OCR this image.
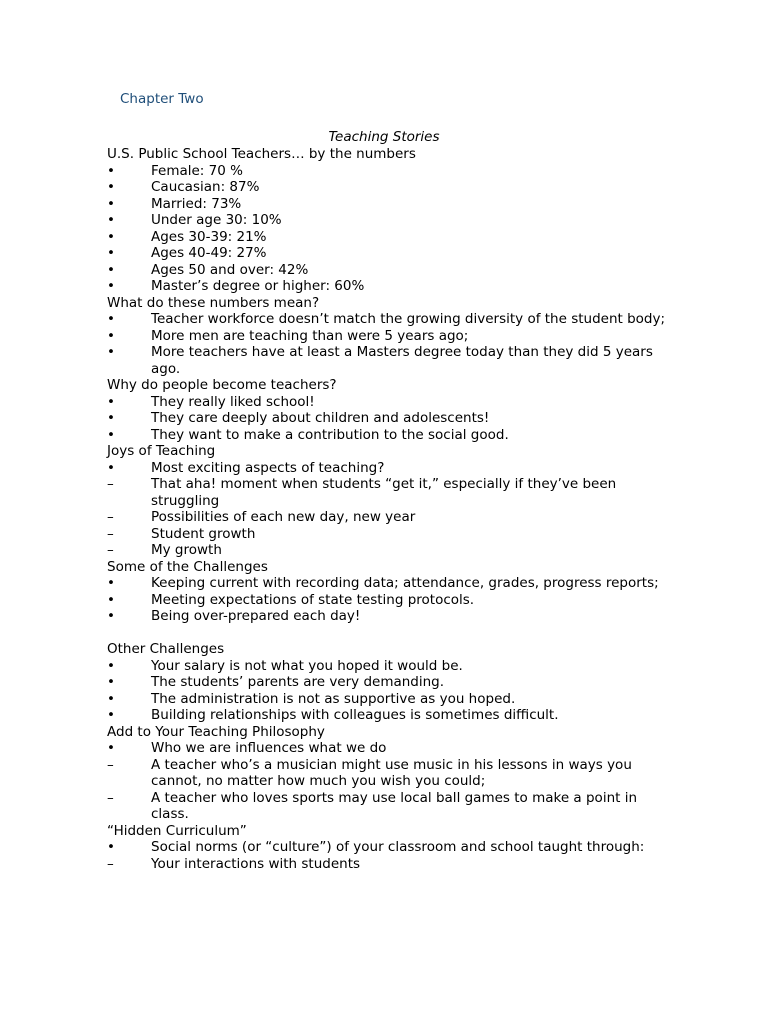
Chapter Two
Teaching Stories
U.S. Public School Teachers… by the numbers
•	Female: 70 %
•	Caucasian: 87%
•	Married: 73%
•	Under age 30: 10%
•	Ages 30-39: 21%
•	Ages 40-49: 27%
•	Ages 50 and over: 42%
•	Master’s degree or higher: 60%
What do these numbers mean?
•	Teacher workforce doesn’t match the growing diversity of the student body;
•	More men are teaching than were 5 years ago;
•	More teachers have at least a Masters degree today than they did 5 years ago.
Why do people become teachers?
•	They really liked school!
•	They care deeply about children and adolescents!
•	They want to make a contribution to the social good.
Joys of Teaching
•	Most exciting aspects of teaching?
–	That aha! moment when students “get it,” especially if they’ve been struggling
–	Possibilities of each new day, new year
–	Student growth
–	My growth
Some of the Challenges
•	Keeping current with recording data; attendance, grades, progress reports;
•	Meeting expectations of state testing protocols.
•	Being over-prepared each day!
Other Challenges
•	Your salary is not what you hoped it would be.
•	The students’ parents are very demanding.
•	The administration is not as supportive as you hoped.
•	Building relationships with colleagues is sometimes difficult.
Add to Your Teaching Philosophy
•	Who we are influences what we do
–	A teacher who’s a musician might use music in his lessons in ways you cannot, no matter how much you wish you could;
–	A teacher who loves sports may use local ball games to make a point in class.
“Hidden Curriculum”
•	Social norms (or “culture”) of your classroom and school taught through:
–	Your interactions with students
